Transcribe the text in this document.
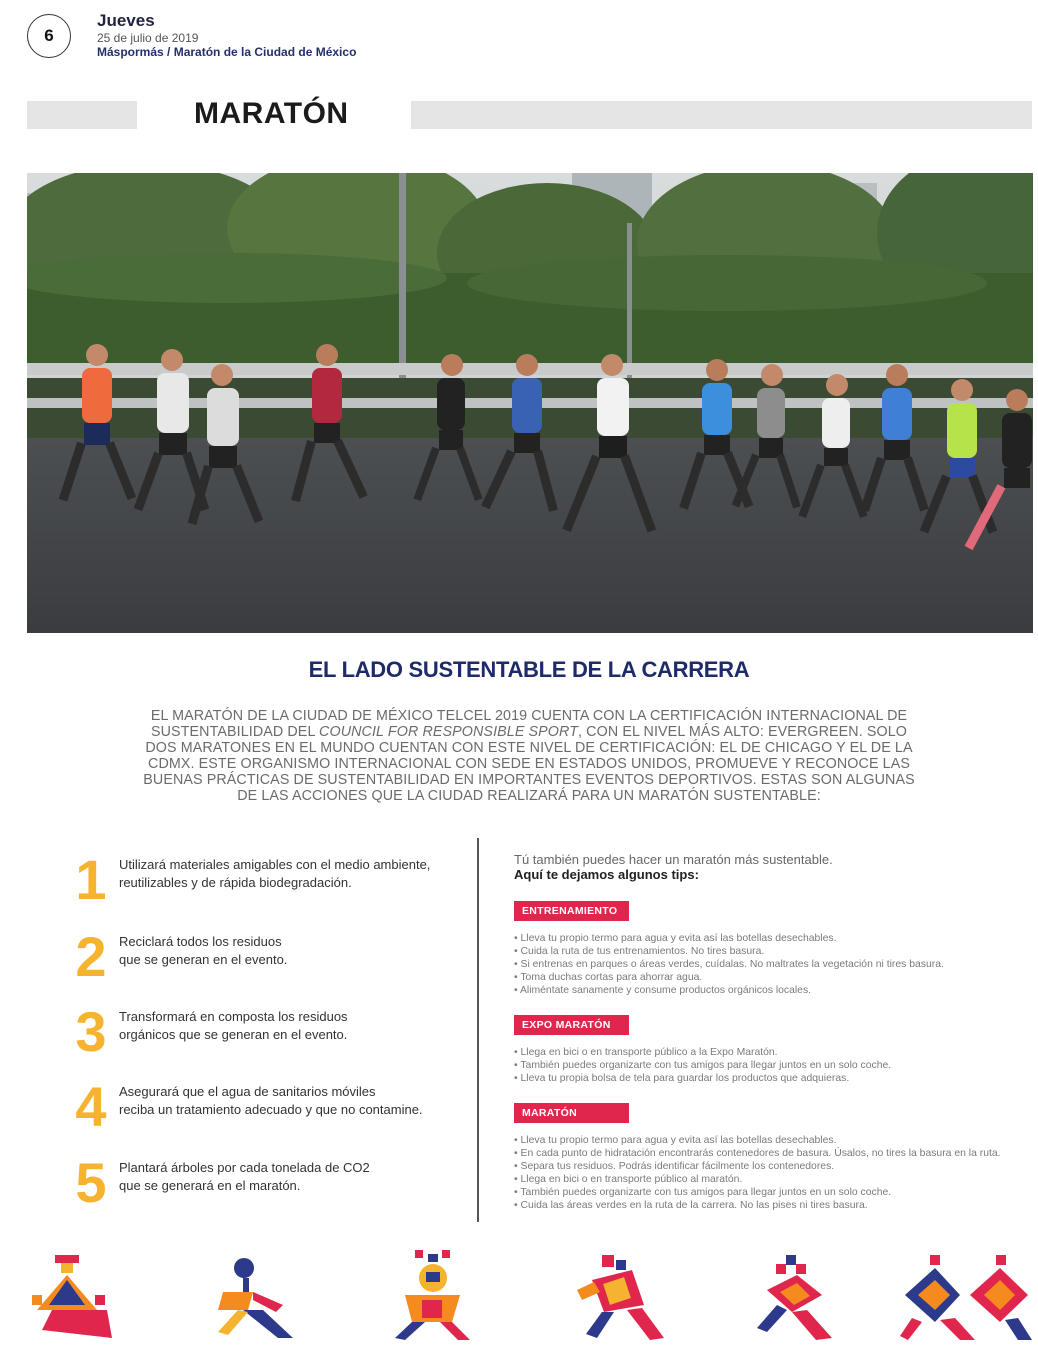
6
Jueves
25 de julio de 2019
Máspormás / Maratón de la Ciudad de México
MARATÓN
EL LADO SUSTENTABLE DE LA CARRERA
EL MARATÓN DE LA CIUDAD DE MÉXICO TELCEL 2019 CUENTA CON LA CERTIFICACIÓN INTERNACIONAL DE SUSTENTABILIDAD DEL COUNCIL FOR RESPONSIBLE SPORT, CON EL NIVEL MÁS ALTO: EVERGREEN. SOLO DOS MARATONES EN EL MUNDO CUENTAN CON ESTE NIVEL DE CERTIFICACIÓN: EL DE CHICAGO Y EL DE LA CDMX. ESTE ORGANISMO INTERNACIONAL CON SEDE EN ESTADOS UNIDOS, PROMUEVE Y RECONOCE LAS BUENAS PRÁCTICAS DE SUSTENTABILIDAD EN IMPORTANTES EVENTOS DEPORTIVOS. ESTAS SON ALGUNAS DE LAS ACCIONES QUE LA CIUDAD REALIZARÁ PARA UN MARATÓN SUSTENTABLE:
1 Utilizará materiales amigables con el medio ambiente,
reutilizables y de rápida biodegradación.
2 Reciclará todos los residuos
que se generan en el evento.
3 Transformará en composta los residuos
orgánicos que se generan en el evento.
4 Asegurará que el agua de sanitarios móviles
reciba un tratamiento adecuado y que no contamine.
5 Plantará árboles por cada tonelada de CO2
que se generará en el maratón.
Tú también puedes hacer un maratón más sustentable.
Aquí te dejamos algunos tips:
ENTRENAMIENTO
• Lleva tu propio termo para agua y evita así las botellas desechables.
• Cuida la ruta de tus entrenamientos. No tires basura.
• Si entrenas en parques o áreas verdes, cuídalas. No maltrates la vegetación ni tires basura.
• Toma duchas cortas para ahorrar agua.
• Aliméntate sanamente y consume productos orgánicos locales.
EXPO MARATÓN
• Llega en bici o en transporte público a la Expo Maratón.
• También puedes organizarte con tus amigos para llegar juntos en un solo coche.
• Lleva tu propia bolsa de tela para guardar los productos que adquieras.
MARATÓN
• Lleva tu propio termo para agua y evita así las botellas desechables.
• En cada punto de hidratación encontrarás contenedores de basura. Úsalos, no tires la basura en la ruta.
• Separa tus residuos. Podrás identificar fácilmente los contenedores.
• Llega en bici o en transporte público al maratón.
• También puedes organizarte con tus amigos para llegar juntos en un solo coche.
• Cuida las áreas verdes en la ruta de la carrera. No las pises ni tires basura.
